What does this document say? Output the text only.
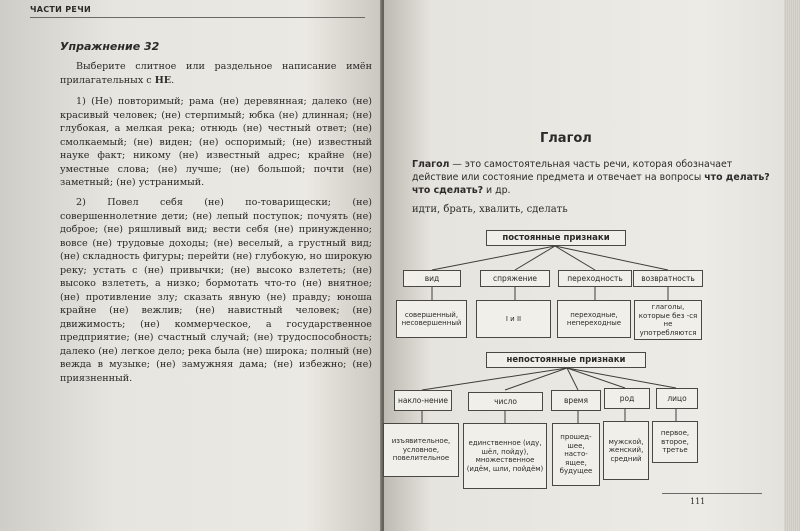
ЧАСТИ РЕЧИ
Упражнение 32

Выберите слитное или раздельное написание имён прилагательных с НЕ.

1) (Не) повторимый; рама (не) деревянная; далеко (не) красивый человек; (не) стерпимый; юбка (не) длинная; (не) глубокая, а мелкая река; отнюдь (не) честный ответ; (не) смолкаемый; (не) виден; (не) оспоримый; (не) известный науке факт; никому (не) известный адрес; крайне (не) уместные слова; (не) лучше; (не) большой; почти (не) заметный; (не) устранимый.

2) Повел себя (не) по-товарищески; (не) совершеннолетние дети; (не) лепый поступок; почуять (не) доброе; (не) ряшливый вид; вести себя (не) принужденно; вовсе (не) трудовые доходы; (не) веселый, а грустный вид; (не) складность фигуры; перейти (не) глубокую, но широкую реку; устать с (не) привычки; (не) высоко взлететь; (не) высоко взлететь, а низко; бормотать что-то (не) внятное; (не) противление злу; сказать явную (не) правду; юноша крайне (не) вежлив; (не) навистный человек; (не) движимость; (не) коммерческое, а государственное предприятие; (не) счастный случай; (не) трудоспособность; далеко (не) легкое дело; река была (не) широка; полный (не) вежда в музыке; (не) замужняя дама; (не) избежно; (не) приязненный.

Глагол

Глагол — это самостоятельная часть речи, которая обозначает действие или состояние предмета и отвечает на вопросы что делать? что сделать? и др.

идти, брать, хвалить, сделать
постоянные признаки
вид	спряжение	переходность	возвратность
совершенный, несовершенный
I и II
переходные, непереходные
глаголы, которые без -ся не употребляются
непостоянные признаки
накло-нение	число	время	род	лицо
изъявительное, условное, повелительное
единственное (иду, шёл, пойду), множественное (идём, шли, пойдём)
прошед-шее, насто-ящее, будущее
мужской, женский, средний
первое, второе, третье
111
